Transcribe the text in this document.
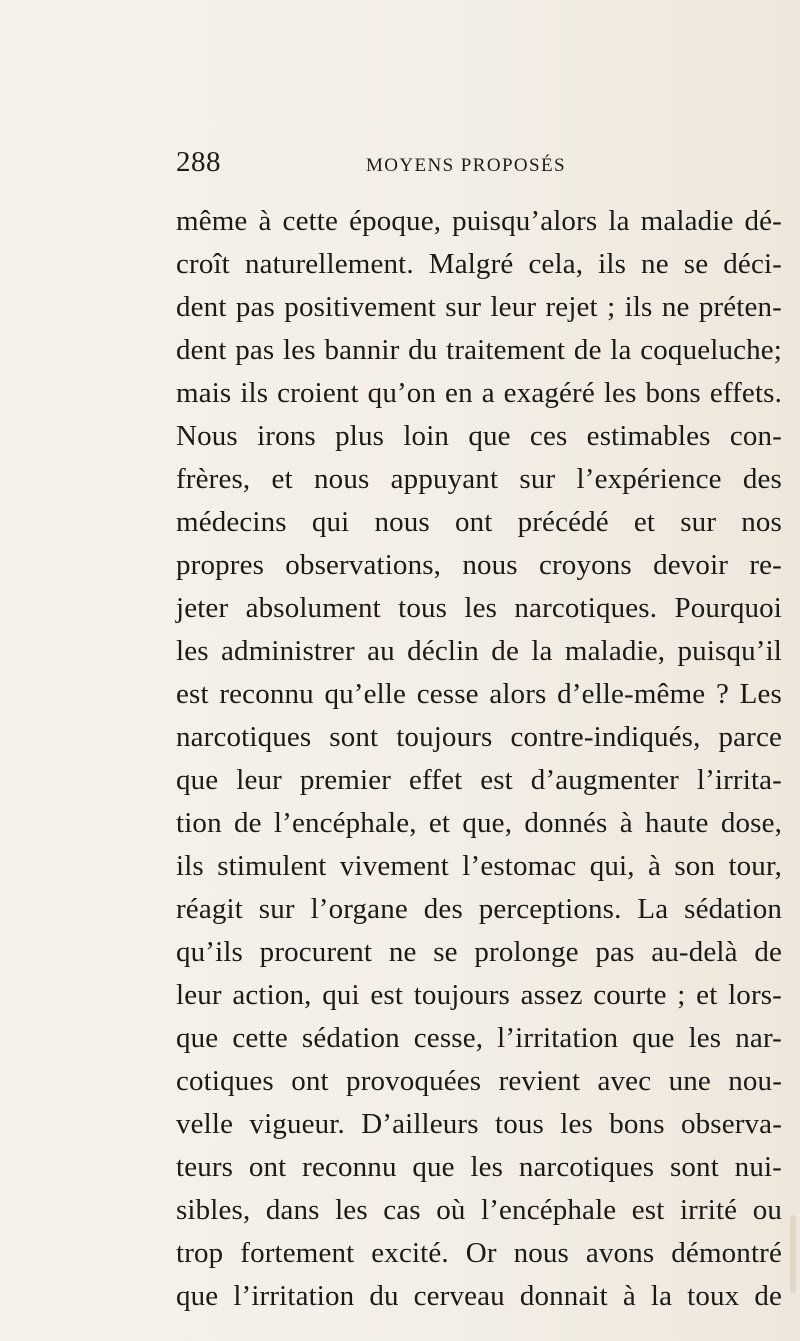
288	MOYENS PROPOSÉS
même à cette époque, puisqu’alors la maladie dé-
croît naturellement. Malgré cela, ils ne se déci-
dent pas positivement sur leur rejet ; ils ne préten-
dent pas les bannir du traitement de la coqueluche;
mais ils croient qu’on en a exagéré les bons effets.
Nous irons plus loin que ces estimables con-
frères, et nous appuyant sur l’expérience des
médecins qui nous ont précédé et sur nos
propres observations, nous croyons devoir re-
jeter absolument tous les narcotiques. Pourquoi
les administrer au déclin de la maladie, puisqu’il
est reconnu qu’elle cesse alors d’elle-même ? Les
narcotiques sont toujours contre-indiqués, parce
que leur premier effet est d’augmenter l’irrita-
tion de l’encéphale, et que, donnés à haute dose,
ils stimulent vivement l’estomac qui, à son tour,
réagit sur l’organe des perceptions. La sédation
qu’ils procurent ne se prolonge pas au-delà de
leur action, qui est toujours assez courte ; et lors-
que cette sédation cesse, l’irritation que les nar-
cotiques ont provoquées revient avec une nou-
velle vigueur. D’ailleurs tous les bons observa-
teurs ont reconnu que les narcotiques sont nui-
sibles, dans les cas où l’encéphale est irrité ou
trop fortement excité. Or nous avons démontré
que l’irritation du cerveau donnait à la toux de
